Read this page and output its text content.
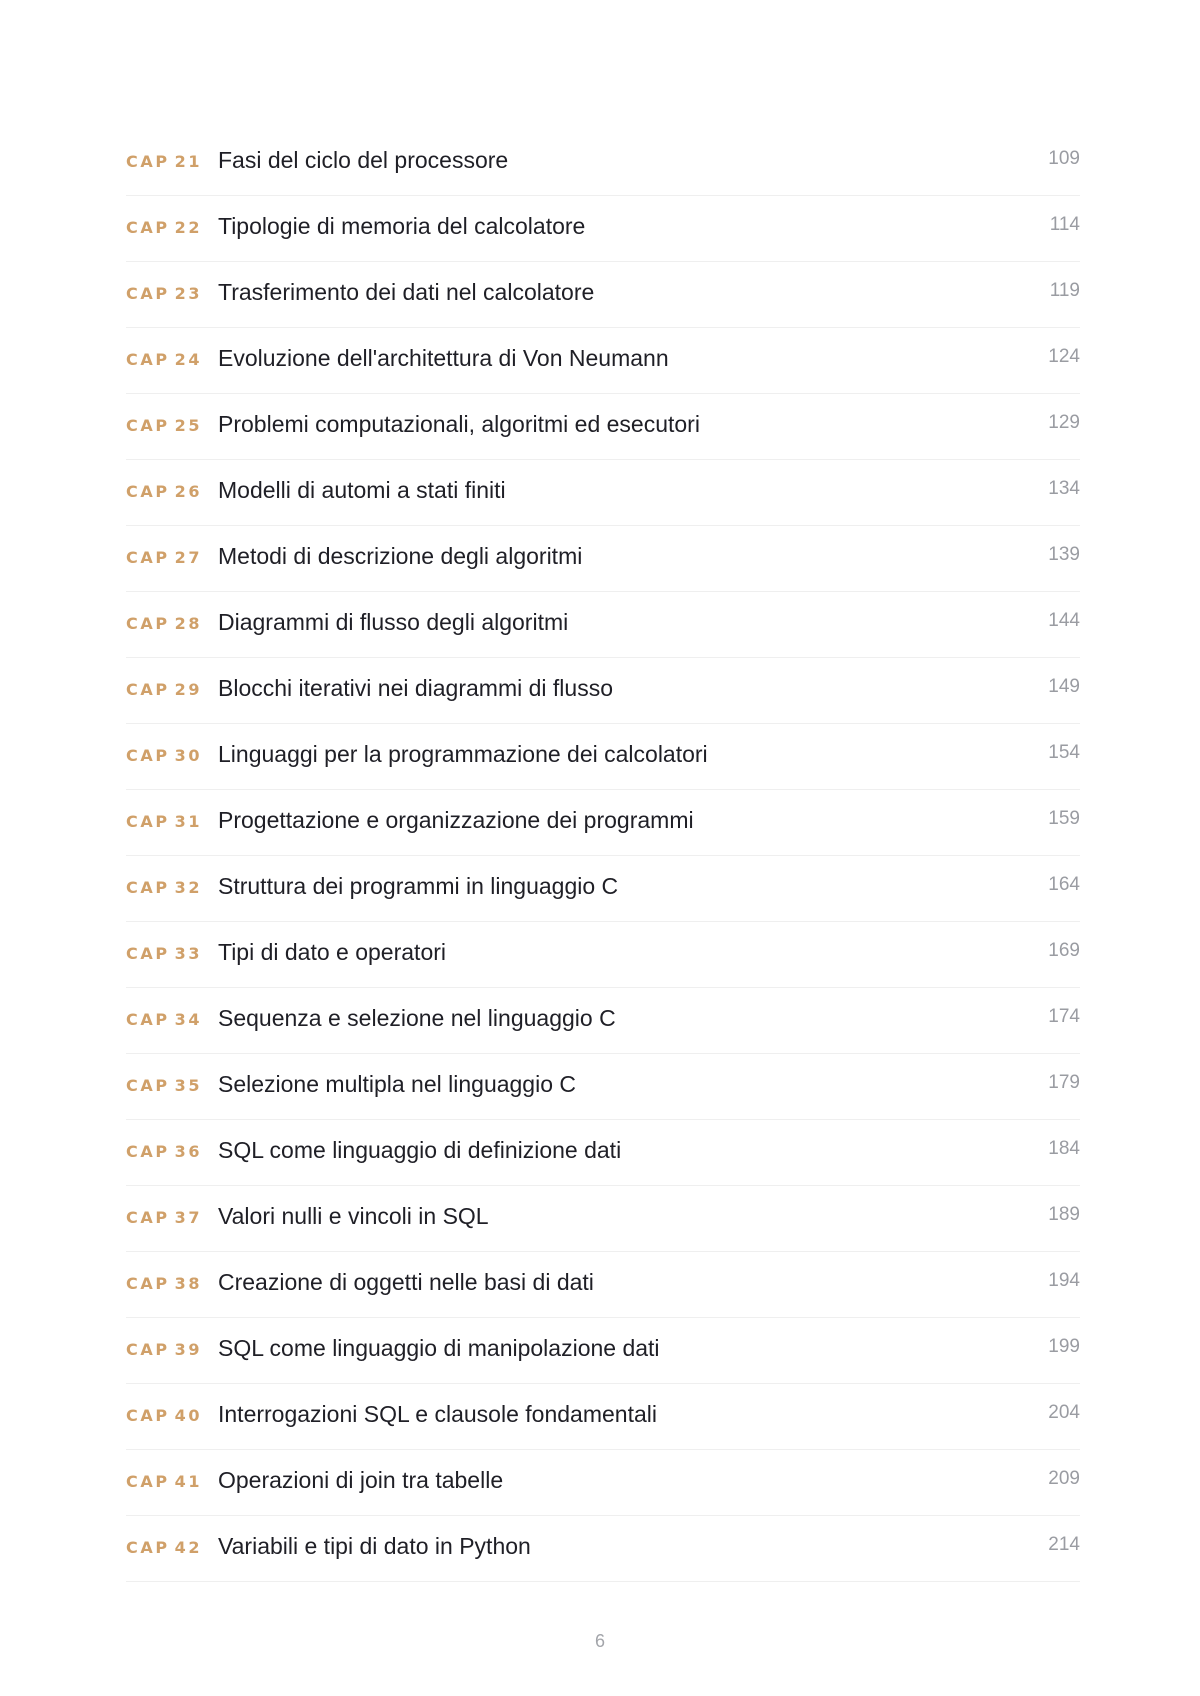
CAP 21 Fasi del ciclo del processore	109
CAP 22 Tipologie di memoria del calcolatore	114
CAP 23 Trasferimento dei dati nel calcolatore	119
CAP 24 Evoluzione dell'architettura di Von Neumann	124
CAP 25 Problemi computazionali, algoritmi ed esecutori	129
CAP 26 Modelli di automi a stati finiti	134
CAP 27 Metodi di descrizione degli algoritmi	139
CAP 28 Diagrammi di flusso degli algoritmi	144
CAP 29 Blocchi iterativi nei diagrammi di flusso	149
CAP 30 Linguaggi per la programmazione dei calcolatori	154
CAP 31 Progettazione e organizzazione dei programmi	159
CAP 32 Struttura dei programmi in linguaggio C	164
CAP 33 Tipi di dato e operatori	169
CAP 34 Sequenza e selezione nel linguaggio C	174
CAP 35 Selezione multipla nel linguaggio C	179
CAP 36 SQL come linguaggio di definizione dati	184
CAP 37 Valori nulli e vincoli in SQL	189
CAP 38 Creazione di oggetti nelle basi di dati	194
CAP 39 SQL come linguaggio di manipolazione dati	199
CAP 40 Interrogazioni SQL e clausole fondamentali	204
CAP 41 Operazioni di join tra tabelle	209
CAP 42 Variabili e tipi di dato in Python	214
6
